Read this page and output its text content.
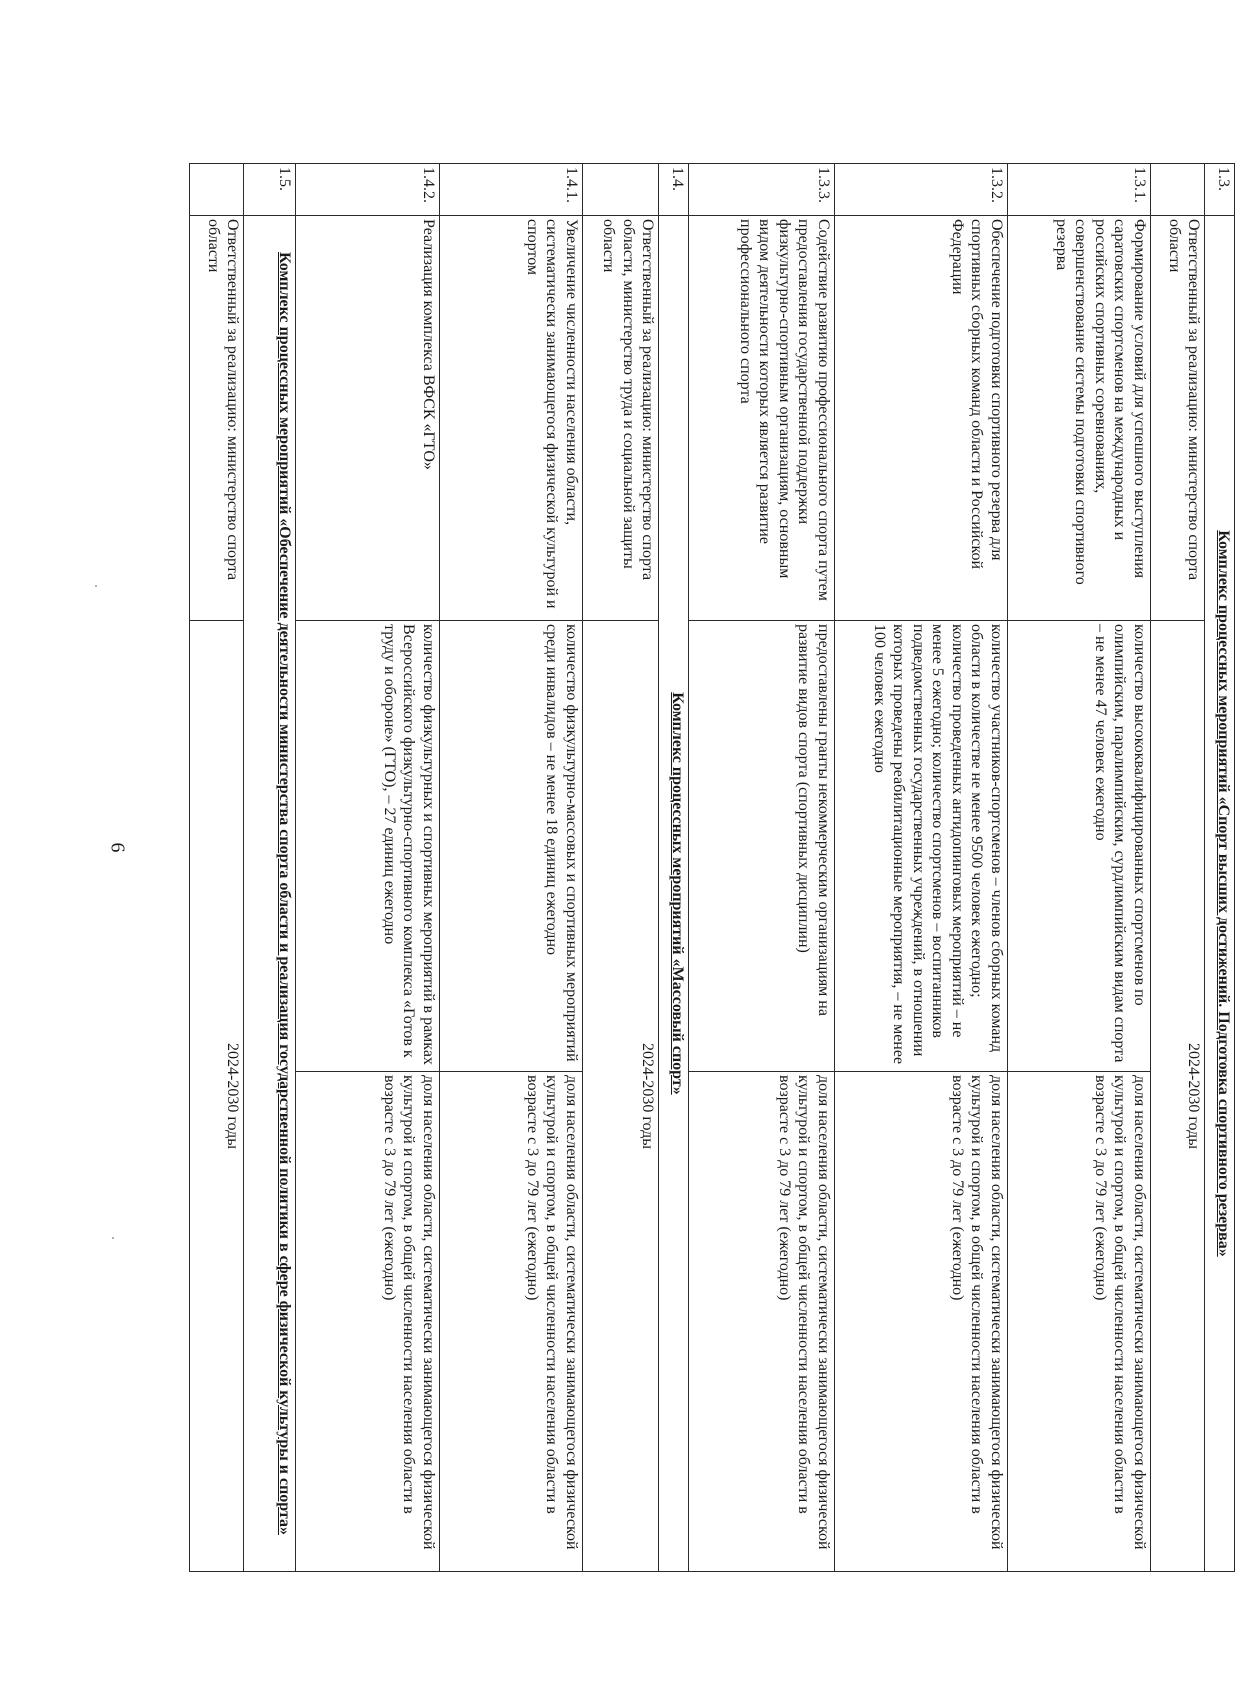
6
1.3.	Комплекс процессных мероприятий «Спорт высших достижений. Подготовка спортивного резерва»		
	Ответственный за реализацию: министерство спорта области	2024-2030 годы	
1.3.1.	Формирование условий для успешного выступления саратовских спортсменов на международных и российских спортивных соревнованиях, совершенствование системы подготовки спортивного резерва	количество высококвалифицированных спортсменов по олимпийским, паралимпийским, сурдлимпийским видам спорта – не менее 47 человек ежегодно	доля населения области, систематически занимающегося физической культурой и спортом, в общей численности населения области в возрасте с 3 до 79 лет (ежегодно)
1.3.2.	Обеспечение подготовки спортивного резерва для спортивных сборных команд области и Российской Федерации	количество участников-спортсменов – членов сборных команд области в количестве не менее 9500 человек ежегодно; количество проведенных антидопинговых мероприятий – не менее 5 ежегодно; количество спортсменов – воспитанников подведомственных государственных учреждений, в отношении которых проведены реабилитационные мероприятия, – не менее 100 человек ежегодно	доля населения области, систематически занимающегося физической культурой и спортом, в общей численности населения области в возрасте с 3 до 79 лет (ежегодно)
1.3.3.	Содействие развитию профессионального спорта путем предоставления государственной поддержки физкультурно-спортивным организациям, основным видом деятельности которых является развитие профессионального спорта	предоставлены гранты некоммерческим организациям на развитие видов спорта (спортивных дисциплин)	доля населения области, систематически занимающегося физической культурой и спортом, в общей численности населения области в возрасте с 3 до 79 лет (ежегодно)
1.4.	Комплекс процессных мероприятий «Массовый спорт»		
	Ответственный за реализацию: министерство спорта области, министерство труда и социальной защиты области	2024-2030 годы	
1.4.1.	Увеличение численности населения области, систематически занимающегося физической культурой и спортом	количество физкультурно-массовых и спортивных мероприятий среди инвалидов – не менее 18 единиц ежегодно	доля населения области, систематически занимающегося физической культурой и спортом, в общей численности населения области в возрасте с 3 до 79 лет (ежегодно)
1.4.2.	Реализация комплекса ВФСК «ГТО»	количество физкультурных и спортивных мероприятий в рамках Всероссийского физкультурно-спортивного комплекса «Готов к труду и обороне» (ГТО), – 27 единиц ежегодно	доля населения области, систематически занимающегося физической культурой и спортом, в общей численности населения области в возрасте с 3 до 79 лет (ежегодно)
1.5.	Комплекс процессных мероприятий «Обеспечение деятельности министерства спорта области и реализация государственной политики в сфере физической культуры и спорта»		
	Ответственный за реализацию: министерство спорта области	2024-2030 годы	
